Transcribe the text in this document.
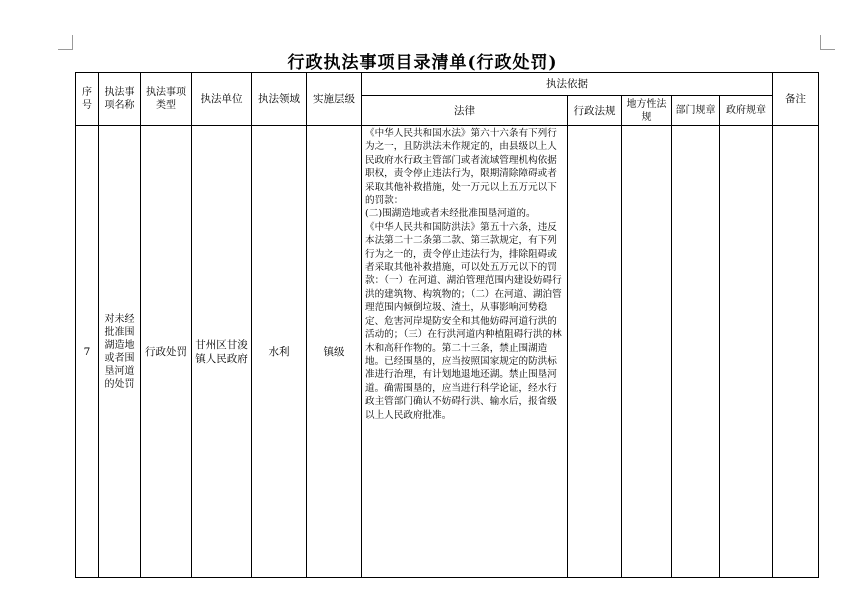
行政执法事项目录清单(行政处罚)
序号	执法事项名称	执法事项类型	执法单位	执法领域	实施层级	执法依据					备注
						法律	行政法规	地方性法规	部门规章	政府规章	
7	对未经批准围湖造地或者围垦河道的处罚	行政处罚	甘州区甘浚镇人民政府	水利	镇级	《中华人民共和国水法》第六十六条有下列行为之一，且防洪法未作规定的，由县级以上人民政府水行政主管部门或者流域管理机构依据职权，责令停止违法行为，限期清除障碍或者采取其他补救措施，处一万元以上五万元以下的罚款：

(二)围湖造地或者未经批准围垦河道的。

《中华人民共和国防洪法》第五十六条，违反本法第二十二条第二款、第三款规定，有下列行为之一的，责令停止违法行为，排除阻碍或者采取其他补救措施，可以处五万元以下的罚款：（一）在河道、湖泊管理范围内建设妨碍行洪的建筑物、构筑物的；（二）在河道、湖泊管理范围内倾倒垃圾、渣土，从事影响河势稳定、危害河岸堤防安全和其他妨碍河道行洪的活动的；（三）在行洪河道内种植阻碍行洪的林木和高秆作物的。第二十三条，禁止围湖造地。已经围垦的，应当按照国家规定的防洪标准进行治理，有计划地退地还湖。禁止围垦河道。确需围垦的，应当进行科学论证，经水行政主管部门确认不妨碍行洪、输水后，报省级以上人民政府批准。					
